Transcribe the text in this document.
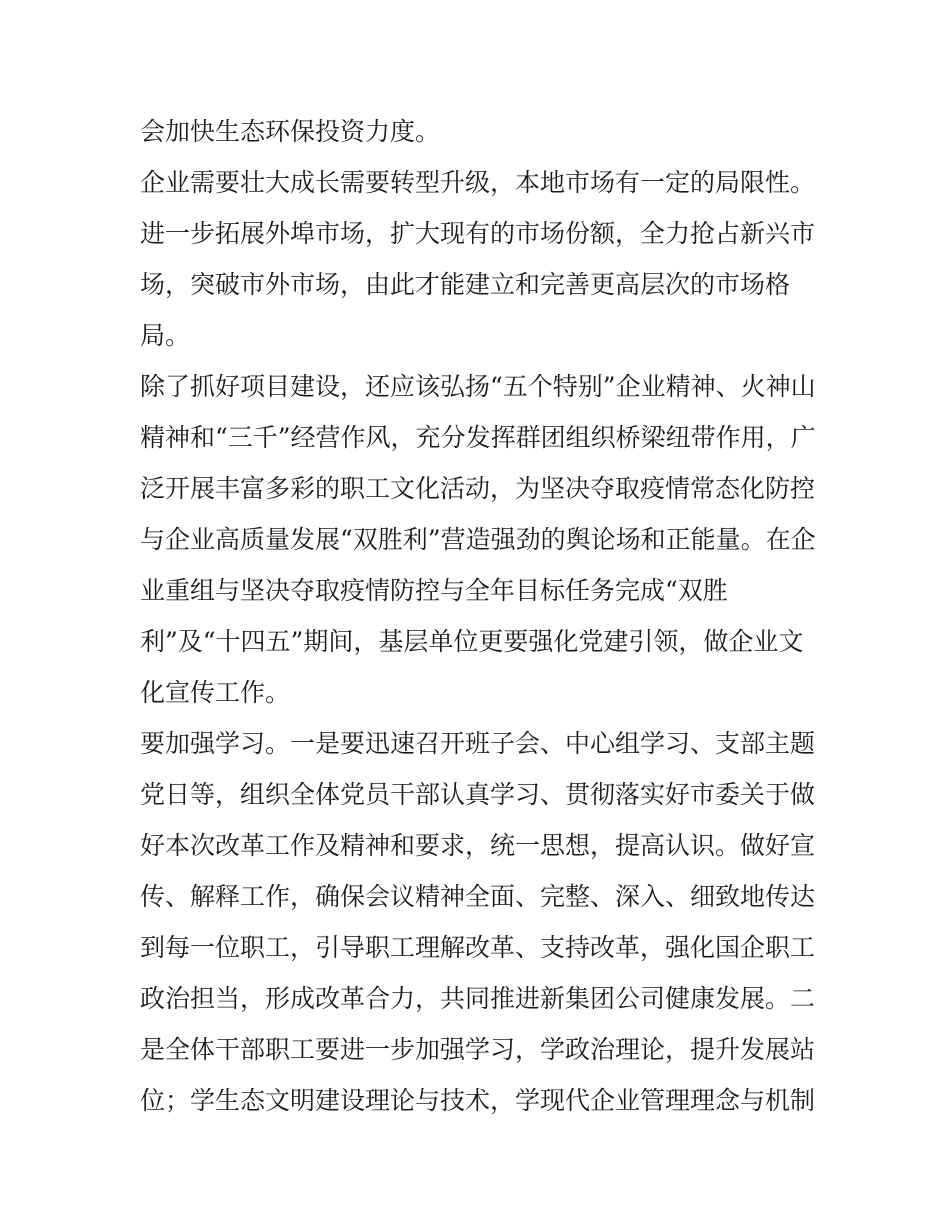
会加快生态环保投资力度。
企业需要壮大成长需要转型升级，本地市场有一定的局限性。
进一步拓展外埠市场，扩大现有的市场份额，全力抢占新兴市
场，突破市外市场，由此才能建立和完善更高层次的市场格
局。
除了抓好项目建设，还应该弘扬“五个特别”企业精神、火神山
精神和“三千”经营作风，充分发挥群团组织桥梁纽带作用，广
泛开展丰富多彩的职工文化活动，为坚决夺取疫情常态化防控
与企业高质量发展“双胜利”营造强劲的舆论场和正能量。在企
业重组与坚决夺取疫情防控与全年目标任务完成“双胜
利”及“十四五”期间，基层单位更要强化党建引领，做企业文
化宣传工作。
要加强学习。一是要迅速召开班子会、中心组学习、支部主题
党日等，组织全体党员干部认真学习、贯彻落实好市委关于做
好本次改革工作及精神和要求，统一思想，提高认识。做好宣
传、解释工作，确保会议精神全面、完整、深入、细致地传达
到每一位职工，引导职工理解改革、支持改革，强化国企职工
政治担当，形成改革合力，共同推进新集团公司健康发展。二
是全体干部职工要进一步加强学习，学政治理论，提升发展站
位；学生态文明建设理论与技术，学现代企业管理理念与机制
